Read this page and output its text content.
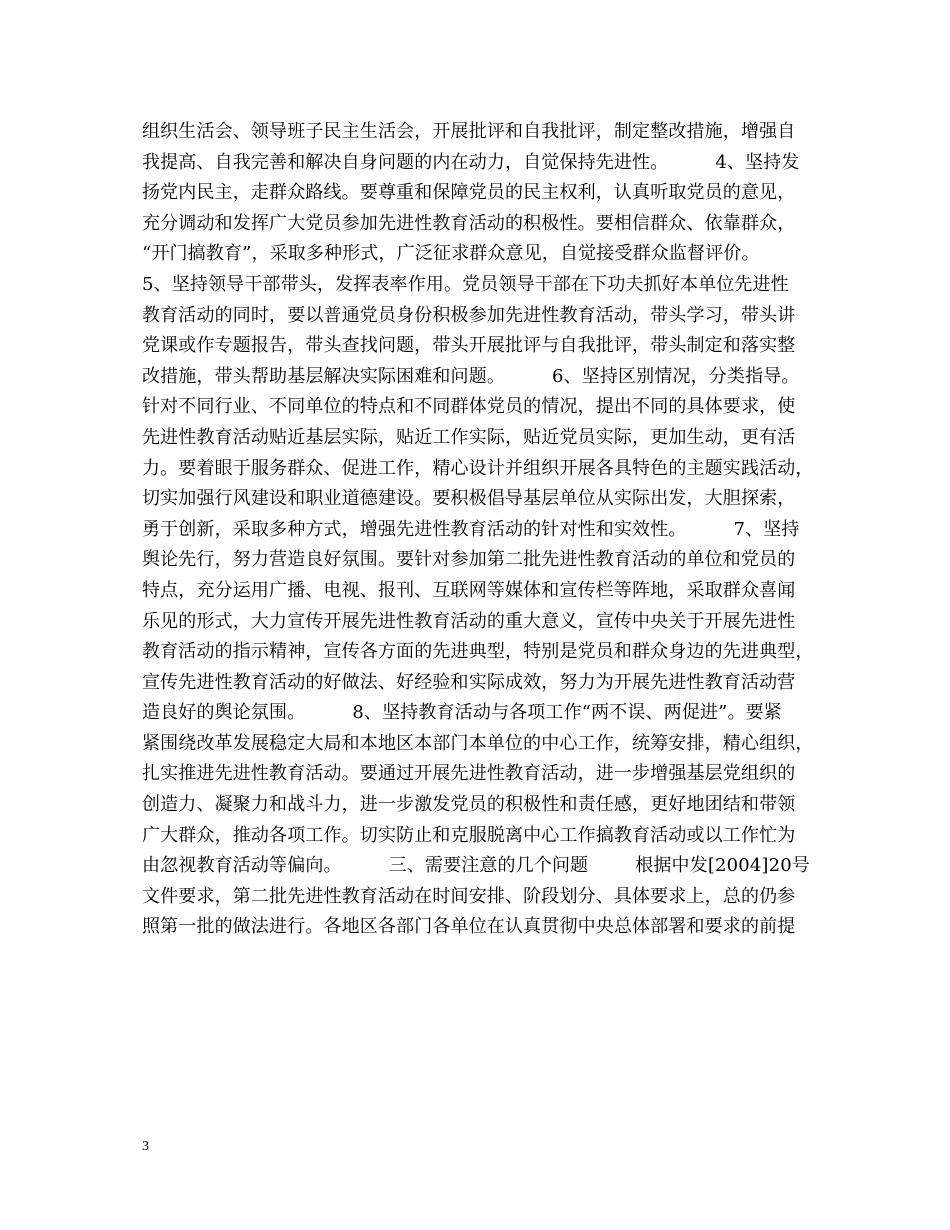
组织生活会、领导班子民主生活会，开展批评和自我批评，制定整改措施，增强自
我提高、自我完善和解决自身问题的内在动力，自觉保持先进性。        4、坚持发
扬党内民主，走群众路线。要尊重和保障党员的民主权利，认真听取党员的意见，
充分调动和发挥广大党员参加先进性教育活动的积极性。要相信群众、依靠群众，
“开门搞教育”，采取多种形式，广泛征求群众意见，自觉接受群众监督评价。
5、坚持领导干部带头，发挥表率作用。党员领导干部在下功夫抓好本单位先进性
教育活动的同时，要以普通党员身份积极参加先进性教育活动，带头学习，带头讲
党课或作专题报告，带头查找问题，带头开展批评与自我批评，带头制定和落实整
改措施，带头帮助基层解决实际困难和问题。        6、坚持区别情况，分类指导。
针对不同行业、不同单位的特点和不同群体党员的情况，提出不同的具体要求，使
先进性教育活动贴近基层实际，贴近工作实际，贴近党员实际，更加生动，更有活
力。要着眼于服务群众、促进工作，精心设计并组织开展各具特色的主题实践活动，
切实加强行风建设和职业道德建设。要积极倡导基层单位从实际出发，大胆探索，
勇于创新，采取多种方式，增强先进性教育活动的针对性和实效性。        7、坚持
舆论先行，努力营造良好氛围。要针对参加第二批先进性教育活动的单位和党员的
特点，充分运用广播、电视、报刊、互联网等媒体和宣传栏等阵地，采取群众喜闻
乐见的形式，大力宣传开展先进性教育活动的重大意义，宣传中央关于开展先进性
教育活动的指示精神，宣传各方面的先进典型，特别是党员和群众身边的先进典型，
宣传先进性教育活动的好做法、好经验和实际成效，努力为开展先进性教育活动营
造良好的舆论氛围。        8、坚持教育活动与各项工作“两不误、两促进”。要紧
紧围绕改革发展稳定大局和本地区本部门本单位的中心工作，统筹安排，精心组织，
扎实推进先进性教育活动。要通过开展先进性教育活动，进一步增强基层党组织的
创造力、凝聚力和战斗力，进一步激发党员的积极性和责任感，更好地团结和带领
广大群众，推动各项工作。切实防止和克服脱离中心工作搞教育活动或以工作忙为
由忽视教育活动等偏向。        三、需要注意的几个问题        根据中发[2004]20号
文件要求，第二批先进性教育活动在时间安排、阶段划分、具体要求上，总的仍参
照第一批的做法进行。各地区各部门各单位在认真贯彻中央总体部署和要求的前提
3
